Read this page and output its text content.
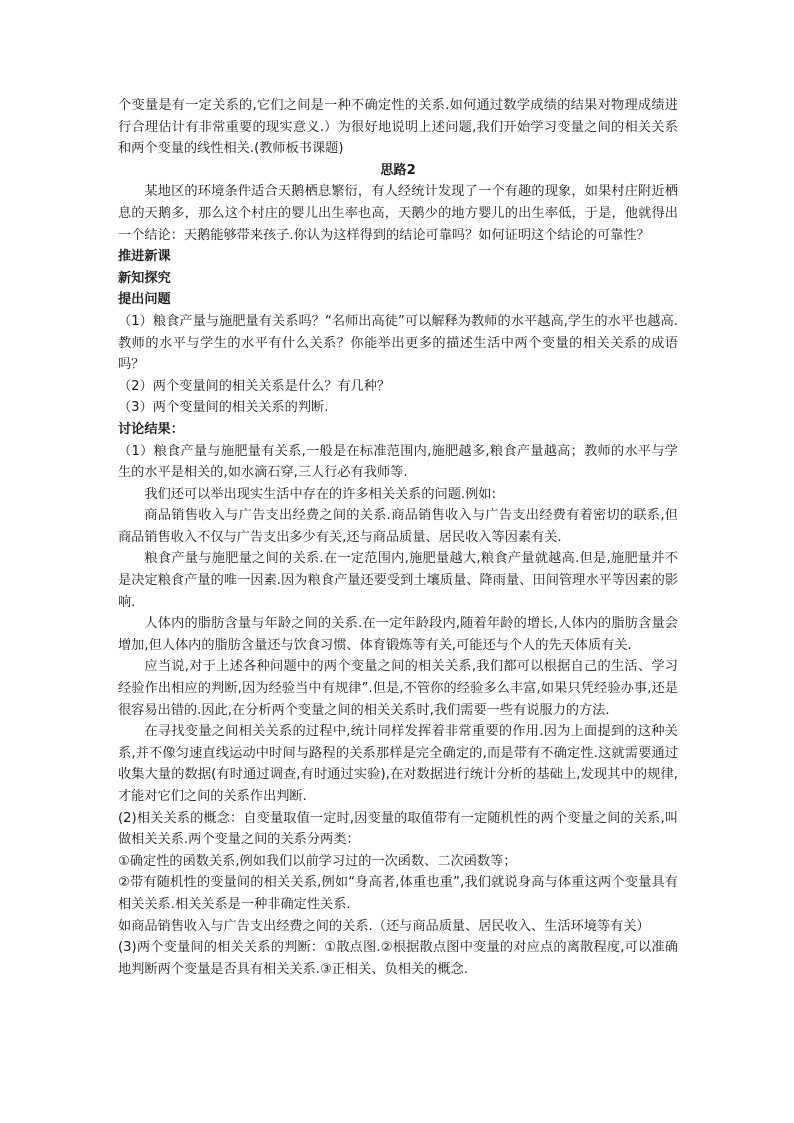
个变量是有一定关系的,它们之间是一种不确定性的关系.如何通过数学成绩的结果对物理成绩进行合理估计有非常重要的现实意义.）为很好地说明上述问题,我们开始学习变量之间的相关关系和两个变量的线性相关.(教师板书课题)

思路2

某地区的环境条件适合天鹅栖息繁衍，有人经统计发现了一个有趣的现象，如果村庄附近栖息的天鹅多，那么这个村庄的婴儿出生率也高，天鹅少的地方婴儿的出生率低，于是，他就得出一个结论：天鹅能够带来孩子.你认为这样得到的结论可靠吗？如何证明这个结论的可靠性？

推进新课

新知探究

提出问题

（1）粮食产量与施肥量有关系吗？“名师出高徒”可以解释为教师的水平越高,学生的水平也越高.教师的水平与学生的水平有什么关系？你能举出更多的描述生活中两个变量的相关关系的成语吗？

（2）两个变量间的相关关系是什么？有几种？

（3）两个变量间的相关关系的判断.

讨论结果：

（1）粮食产量与施肥量有关系,一般是在标准范围内,施肥越多,粮食产量越高；教师的水平与学生的水平是相关的,如水滴石穿,三人行必有我师等.

我们还可以举出现实生活中存在的许多相关关系的问题.例如:

商品销售收入与广告支出经费之间的关系.商品销售收入与广告支出经费有着密切的联系,但商品销售收入不仅与广告支出多少有关,还与商品质量、居民收入等因素有关.

粮食产量与施肥量之间的关系.在一定范围内,施肥量越大,粮食产量就越高.但是,施肥量并不是决定粮食产量的唯一因素.因为粮食产量还要受到土壤质量、降雨量、田间管理水平等因素的影响.

人体内的脂肪含量与年龄之间的关系.在一定年龄段内,随着年龄的增长,人体内的脂肪含量会增加,但人体内的脂肪含量还与饮食习惯、体育锻炼等有关,可能还与个人的先天体质有关.

应当说,对于上述各种问题中的两个变量之间的相关关系,我们都可以根据自己的生活、学习经验作出相应的判断,因为经验当中有规律”.但是,不管你的经验多么丰富,如果只凭经验办事,还是很容易出错的.因此,在分析两个变量之间的相关关系时,我们需要一些有说服力的方法.

在寻找变量之间相关关系的过程中,统计同样发挥着非常重要的作用.因为上面提到的这种关系,并不像匀速直线运动中时间与路程的关系那样是完全确定的,而是带有不确定性.这就需要通过收集大量的数据(有时通过调查,有时通过实验),在对数据进行统计分析的基础上,发现其中的规律,才能对它们之间的关系作出判断.

(2)相关关系的概念：自变量取值一定时,因变量的取值带有一定随机性的两个变量之间的关系,叫做相关关系.两个变量之间的关系分两类：

①确定性的函数关系,例如我们以前学习过的一次函数、二次函数等；

②带有随机性的变量间的相关关系,例如“身高者,体重也重”,我们就说身高与体重这两个变量具有相关关系.相关关系是一种非确定性关系.

如商品销售收入与广告支出经费之间的关系.（还与商品质量、居民收入、生活环境等有关）

(3)两个变量间的相关关系的判断：①散点图.②根据散点图中变量的对应点的离散程度,可以准确地判断两个变量是否具有相关关系.③正相关、负相关的概念.
